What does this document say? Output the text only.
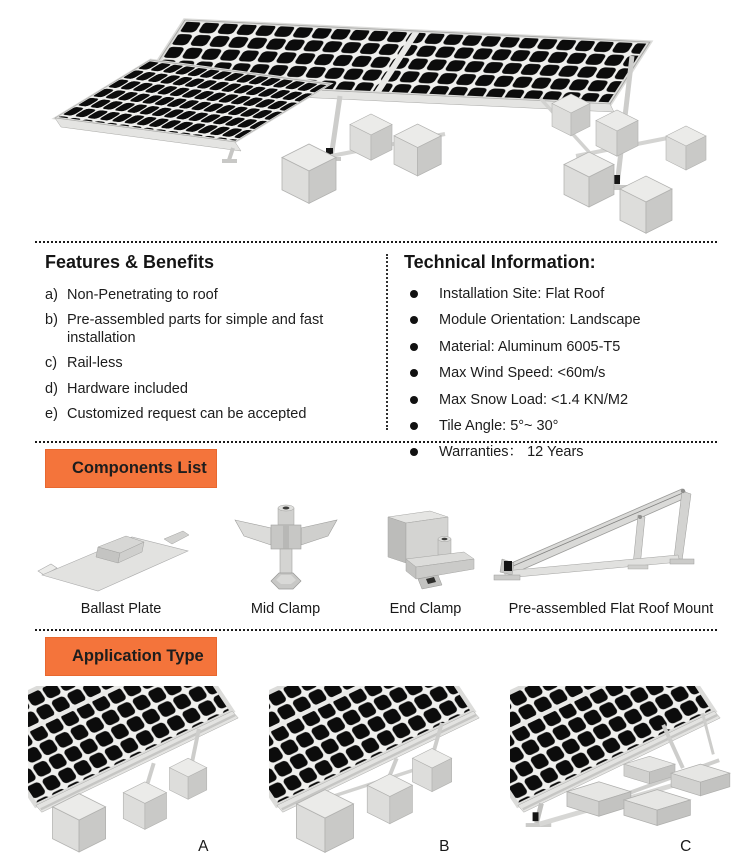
Features & Benefits
a) Non-Penetrating to roof
b) Pre-assembled parts for simple and fast installation
c) Rail-less
d) Hardware included
e) Customized request can be accepted
Technical Information:
Installation Site: Flat Roof
Module Orientation: Landscape
Material: Aluminum 6005-T5
Max Wind Speed: <60m/s
Max Snow Load: <1.4 KN/M2
Tile Angle: 5°~ 30°
Warranties： 12 Years
Components List
Ballast Plate	Mid Clamp	End Clamp	Pre-assembled Flat Roof Mount
Application Type
A	B	C
